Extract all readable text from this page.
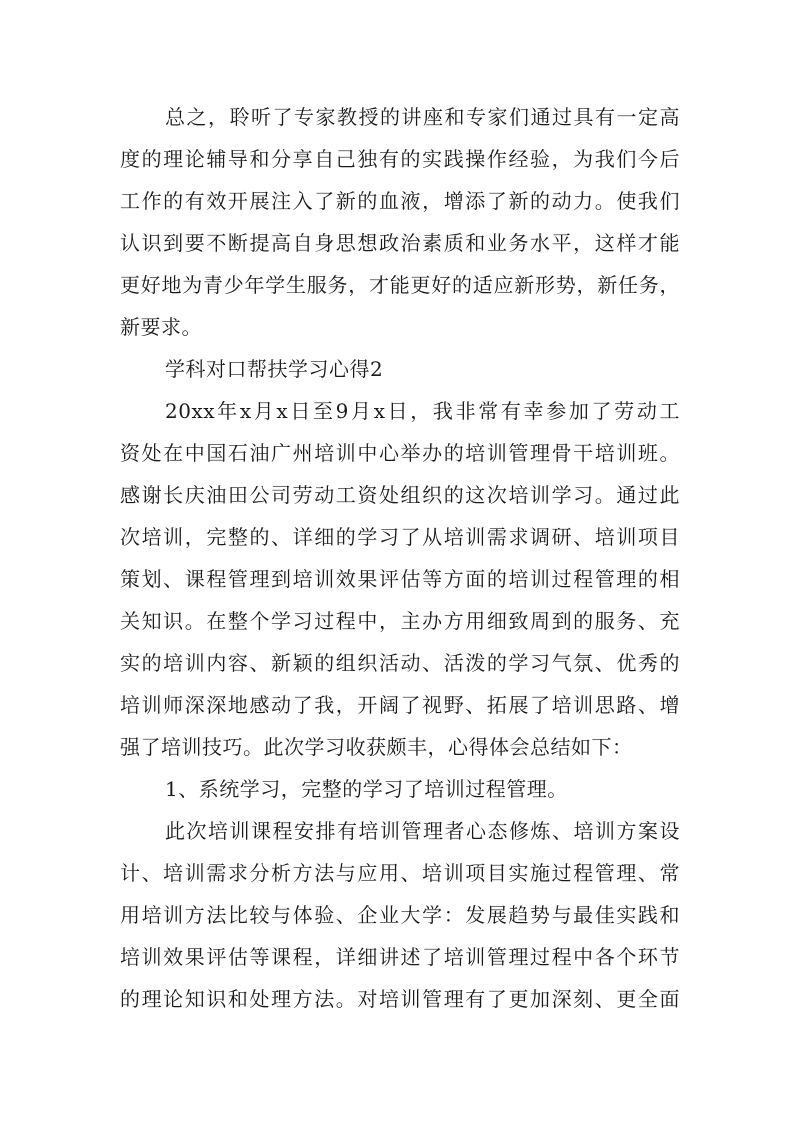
总之，聆听了专家教授的讲座和专家们通过具有一定高
度的理论辅导和分享自己独有的实践操作经验，为我们今后
工作的有效开展注入了新的血液，增添了新的动力。使我们
认识到要不断提高自身思想政治素质和业务水平，这样才能
更好地为青少年学生服务，才能更好的适应新形势，新任务，
新要求。
学科对口帮扶学习心得2
20xx年x月x日至9月x日，我非常有幸参加了劳动工
资处在中国石油广州培训中心举办的培训管理骨干培训班。
感谢长庆油田公司劳动工资处组织的这次培训学习。通过此
次培训，完整的、详细的学习了从培训需求调研、培训项目
策划、课程管理到培训效果评估等方面的培训过程管理的相
关知识。在整个学习过程中，主办方用细致周到的服务、充
实的培训内容、新颖的组织活动、活泼的学习气氛、优秀的
培训师深深地感动了我，开阔了视野、拓展了培训思路、增
强了培训技巧。此次学习收获颇丰，心得体会总结如下：
1、系统学习，完整的学习了培训过程管理。
此次培训课程安排有培训管理者心态修炼、培训方案设
计、培训需求分析方法与应用、培训项目实施过程管理、常
用培训方法比较与体验、企业大学：发展趋势与最佳实践和
培训效果评估等课程，详细讲述了培训管理过程中各个环节
的理论知识和处理方法。对培训管理有了更加深刻、更全面
